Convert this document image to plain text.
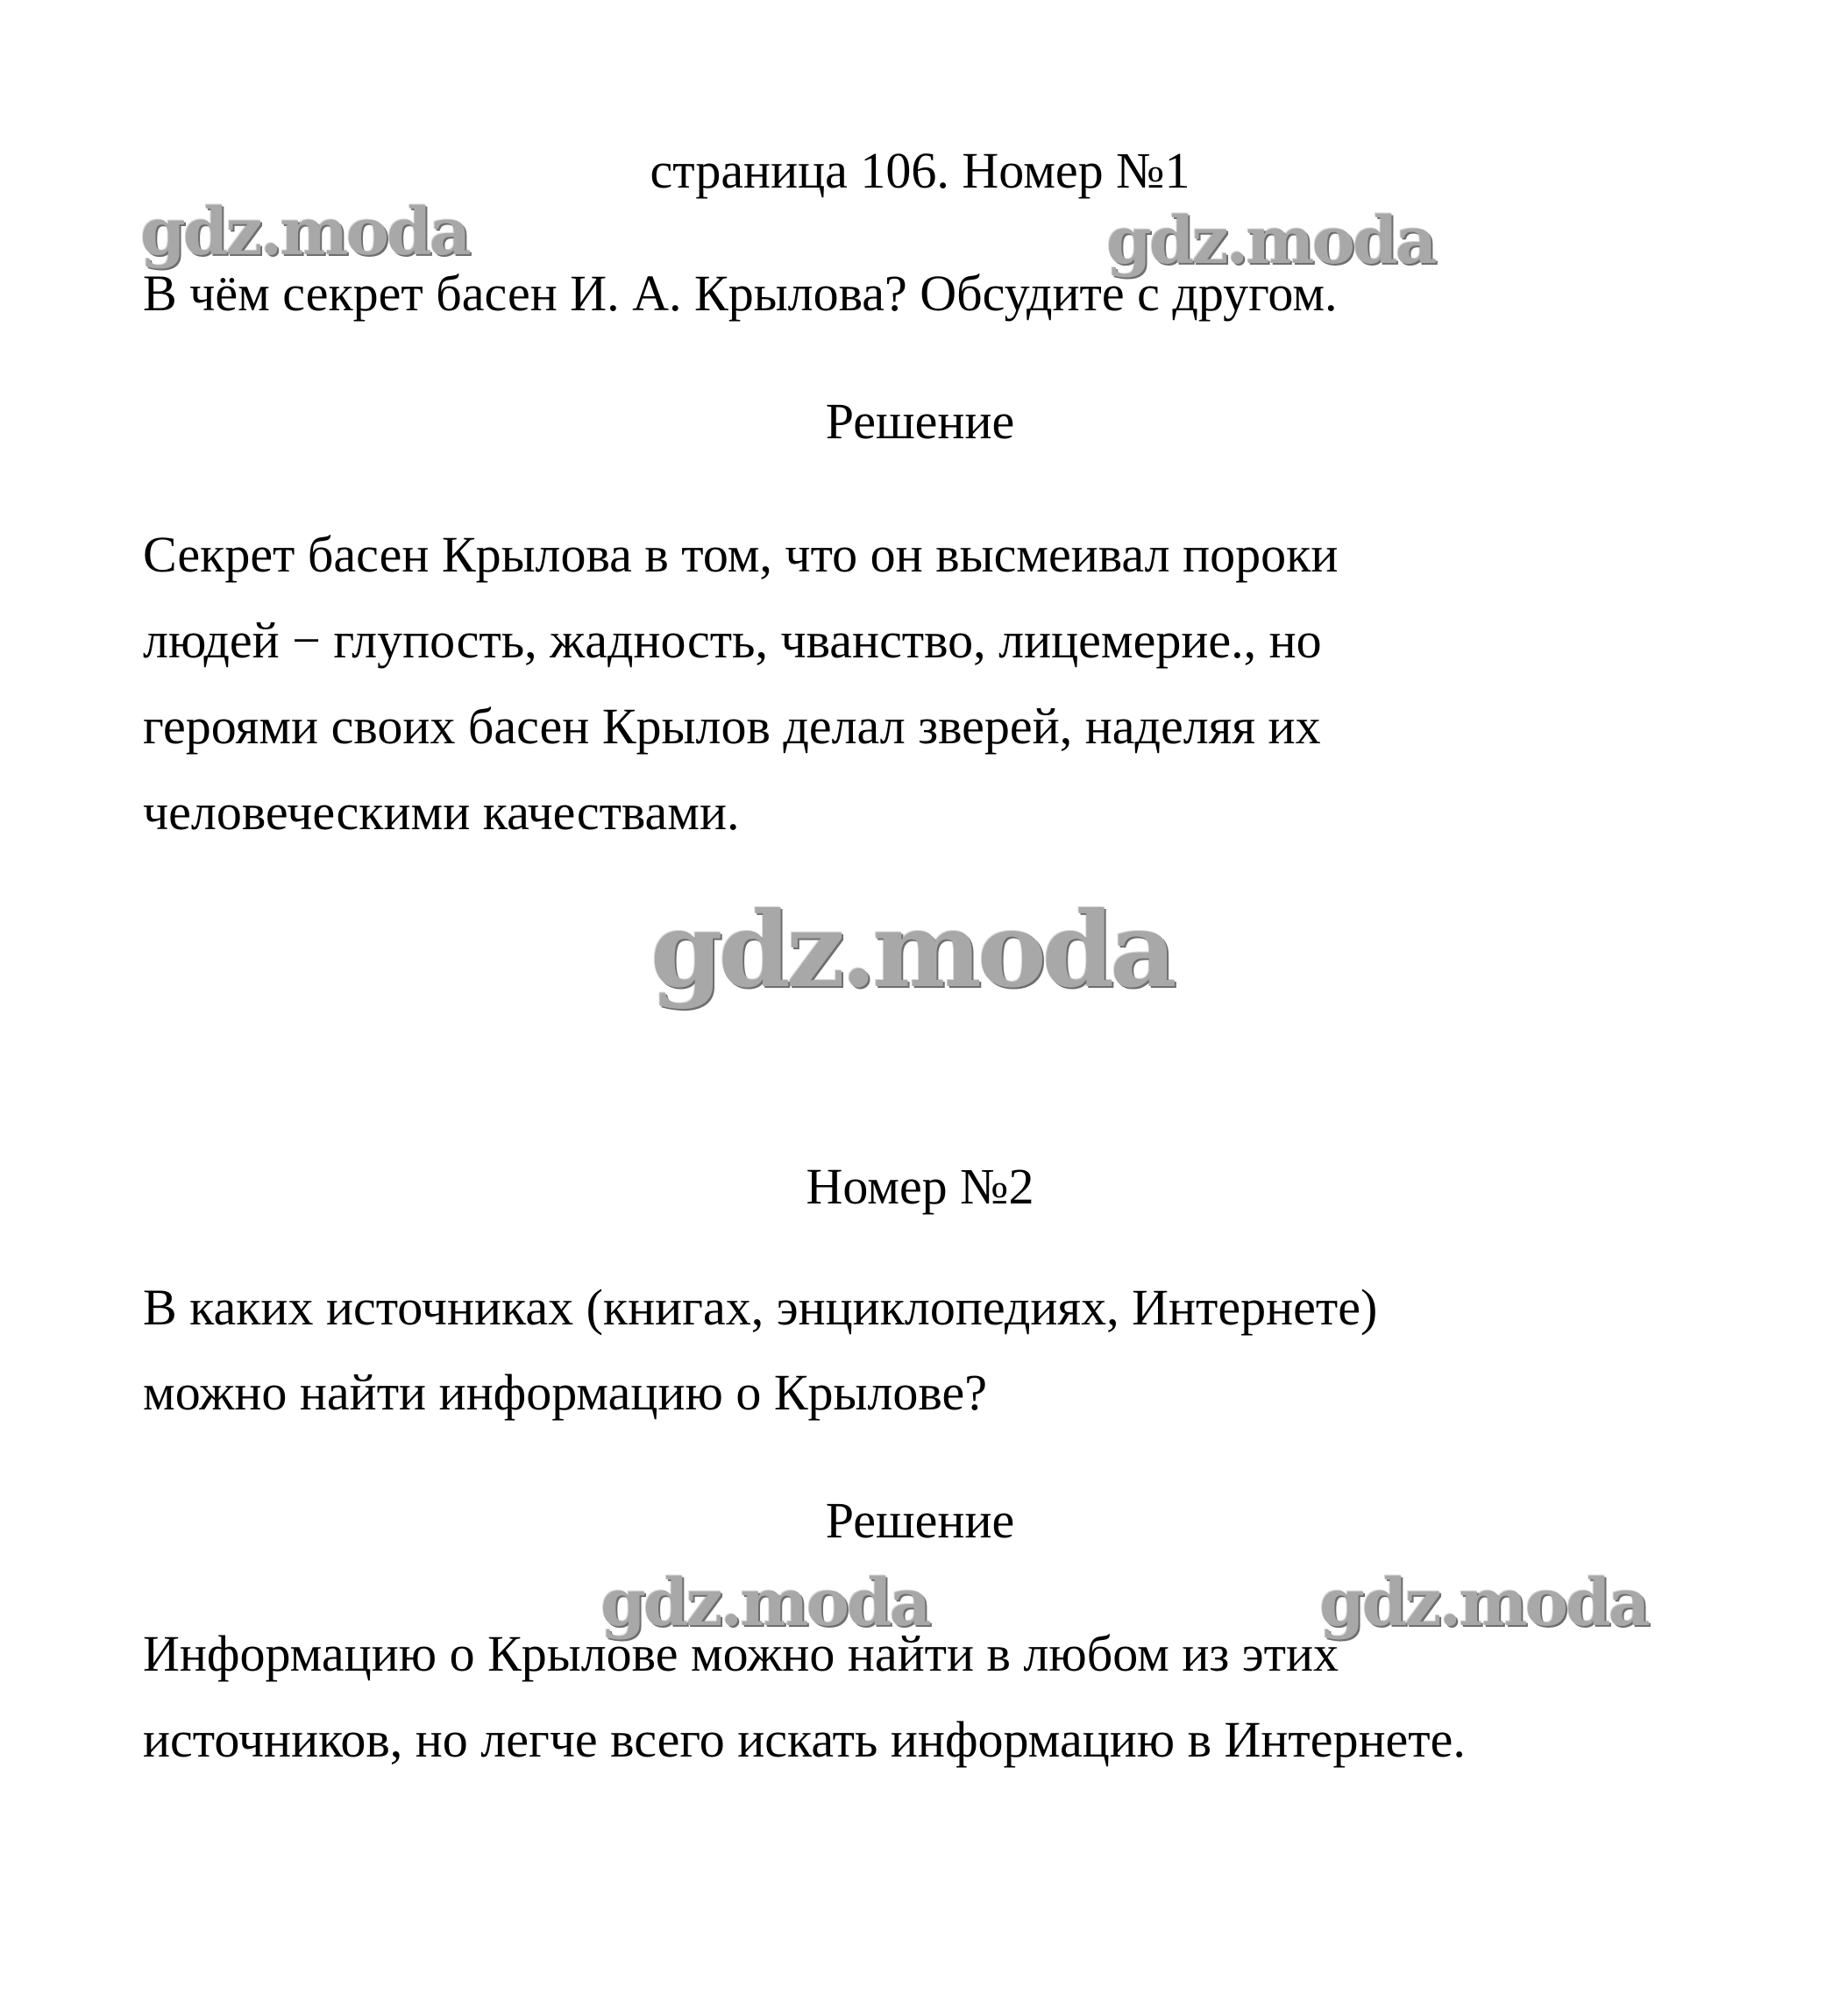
gdz.moda	gdz.moda
gdz.moda
gdz.moda	gdz.moda
страница 106. Номер №1
В чём секрет басен И. А. Крылова? Обсудите с другом.
Решение
Секрет басен Крылова в том, что он высмеивал пороки
людей − глупость, жадность, чванство, лицемерие., но
героями своих басен Крылов делал зверей, наделяя их
человеческими качествами.
Номер №2
В каких источниках (книгах, энциклопедиях, Интернете)
можно найти информацию о Крылове?
Решение
Информацию о Крылове можно найти в любом из этих
источников, но легче всего искать информацию в Интернете.
